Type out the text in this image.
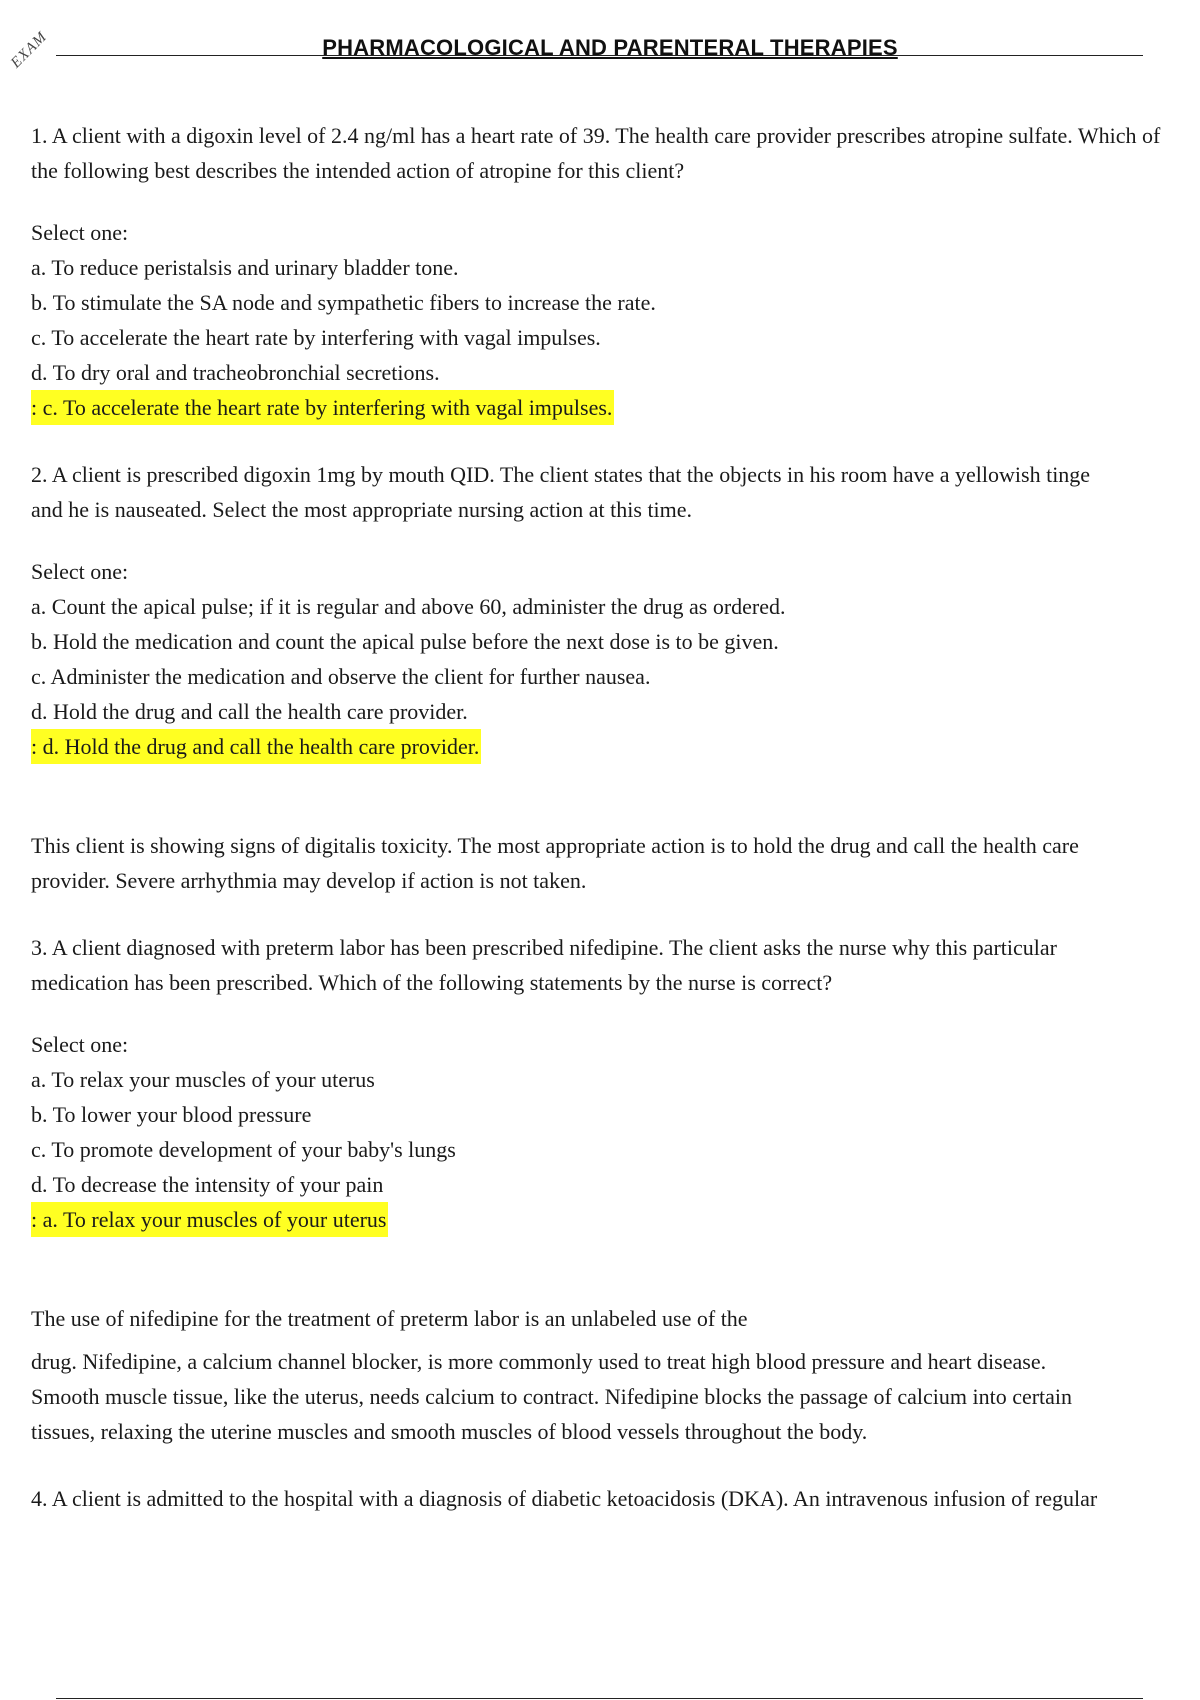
EXAM	PHARMACOLOGICAL AND PARENTERAL THERAPIES
1. A client with a digoxin level of 2.4 ng/ml has a heart rate of 39. The health care provider prescribes atropine sulfate. Which of
the following best describes the intended action of atropine for this client?
Select one:
a. To reduce peristalsis and urinary bladder tone.
b. To stimulate the SA node and sympathetic fibers to increase the rate.
c. To accelerate the heart rate by interfering with vagal impulses.
d. To dry oral and tracheobronchial secretions.
: c. To accelerate the heart rate by interfering with vagal impulses.
2. A client is prescribed digoxin 1mg by mouth QID. The client states that the objects in his room have a yellowish tinge
and he is nauseated. Select the most appropriate nursing action at this time.
Select one:
a. Count the apical pulse; if it is regular and above 60, administer the drug as ordered.
b. Hold the medication and count the apical pulse before the next dose is to be given.
c. Administer the medication and observe the client for further nausea.
d. Hold the drug and call the health care provider.
: d. Hold the drug and call the health care provider.
This client is showing signs of digitalis toxicity. The most appropriate action is to hold the drug and call the health care
provider. Severe arrhythmia may develop if action is not taken.
3. A client diagnosed with preterm labor has been prescribed nifedipine. The client asks the nurse why this particular
medication has been prescribed. Which of the following statements by the nurse is correct?
Select one:
a. To relax your muscles of your uterus
b. To lower your blood pressure
c. To promote development of your baby's lungs
d. To decrease the intensity of your pain
: a. To relax your muscles of your uterus
The use of nifedipine for the treatment of preterm labor is an unlabeled use of the
drug. Nifedipine, a calcium channel blocker, is more commonly used to treat high blood pressure and heart disease.
Smooth muscle tissue, like the uterus, needs calcium to contract. Nifedipine blocks the passage of calcium into certain
tissues, relaxing the uterine muscles and smooth muscles of blood vessels throughout the body.
4. A client is admitted to the hospital with a diagnosis of diabetic ketoacidosis (DKA). An intravenous infusion of regular
